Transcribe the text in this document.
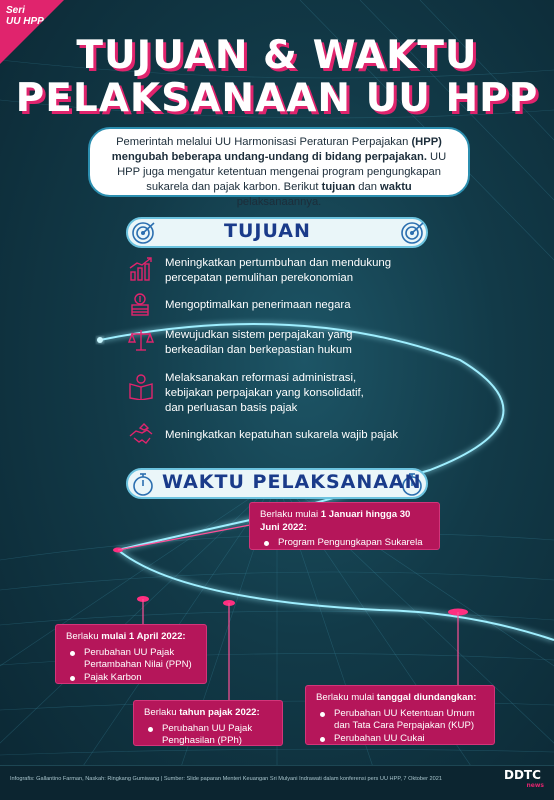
Seri
UU HPP
TUJUAN & WAKTU
PELAKSANAAN UU HPP
Pemerintah melalui UU Harmonisasi Peraturan Perpajakan (HPP) mengubah beberapa undang-undang di bidang perpajakan. UU HPP juga mengatur ketentuan mengenai program pengungkapan sukarela dan pajak karbon. Berikut tujuan dan waktu pelaksanaannya.
TUJUAN
Meningkatkan pertumbuhan dan mendukung
percepatan pemulihan perekonomian
Mengoptimalkan penerimaan negara
Mewujudkan sistem perpajakan yang
berkeadilan dan berkepastian hukum
Melaksanakan reformasi administrasi,
kebijakan perpajakan yang konsolidatif,
dan perluasan basis pajak
Meningkatkan kepatuhan sukarela wajib pajak
WAKTU PELAKSANAAN
Berlaku mulai 1 Januari hingga 30 Juni 2022:
Program Pengungkapan Sukarela
Berlaku mulai 1 April 2022:
Perubahan UU Pajak Pertambahan Nilai (PPN)
Pajak Karbon
Berlaku tahun pajak 2022:
Perubahan UU Pajak Penghasilan (PPh)
Berlaku mulai tanggal diundangkan:
Perubahan UU Ketentuan Umum dan Tata Cara Perpajakan (KUP)
Perubahan UU Cukai
Infografis: Gallantino Farman, Naskah: Ringkang Gumiwang | Sumber: Slide paparan Menteri Keuangan Sri Mulyani Indrawati dalam konferensi pers UU HPP, 7 Oktober 2021	DDTC
news
